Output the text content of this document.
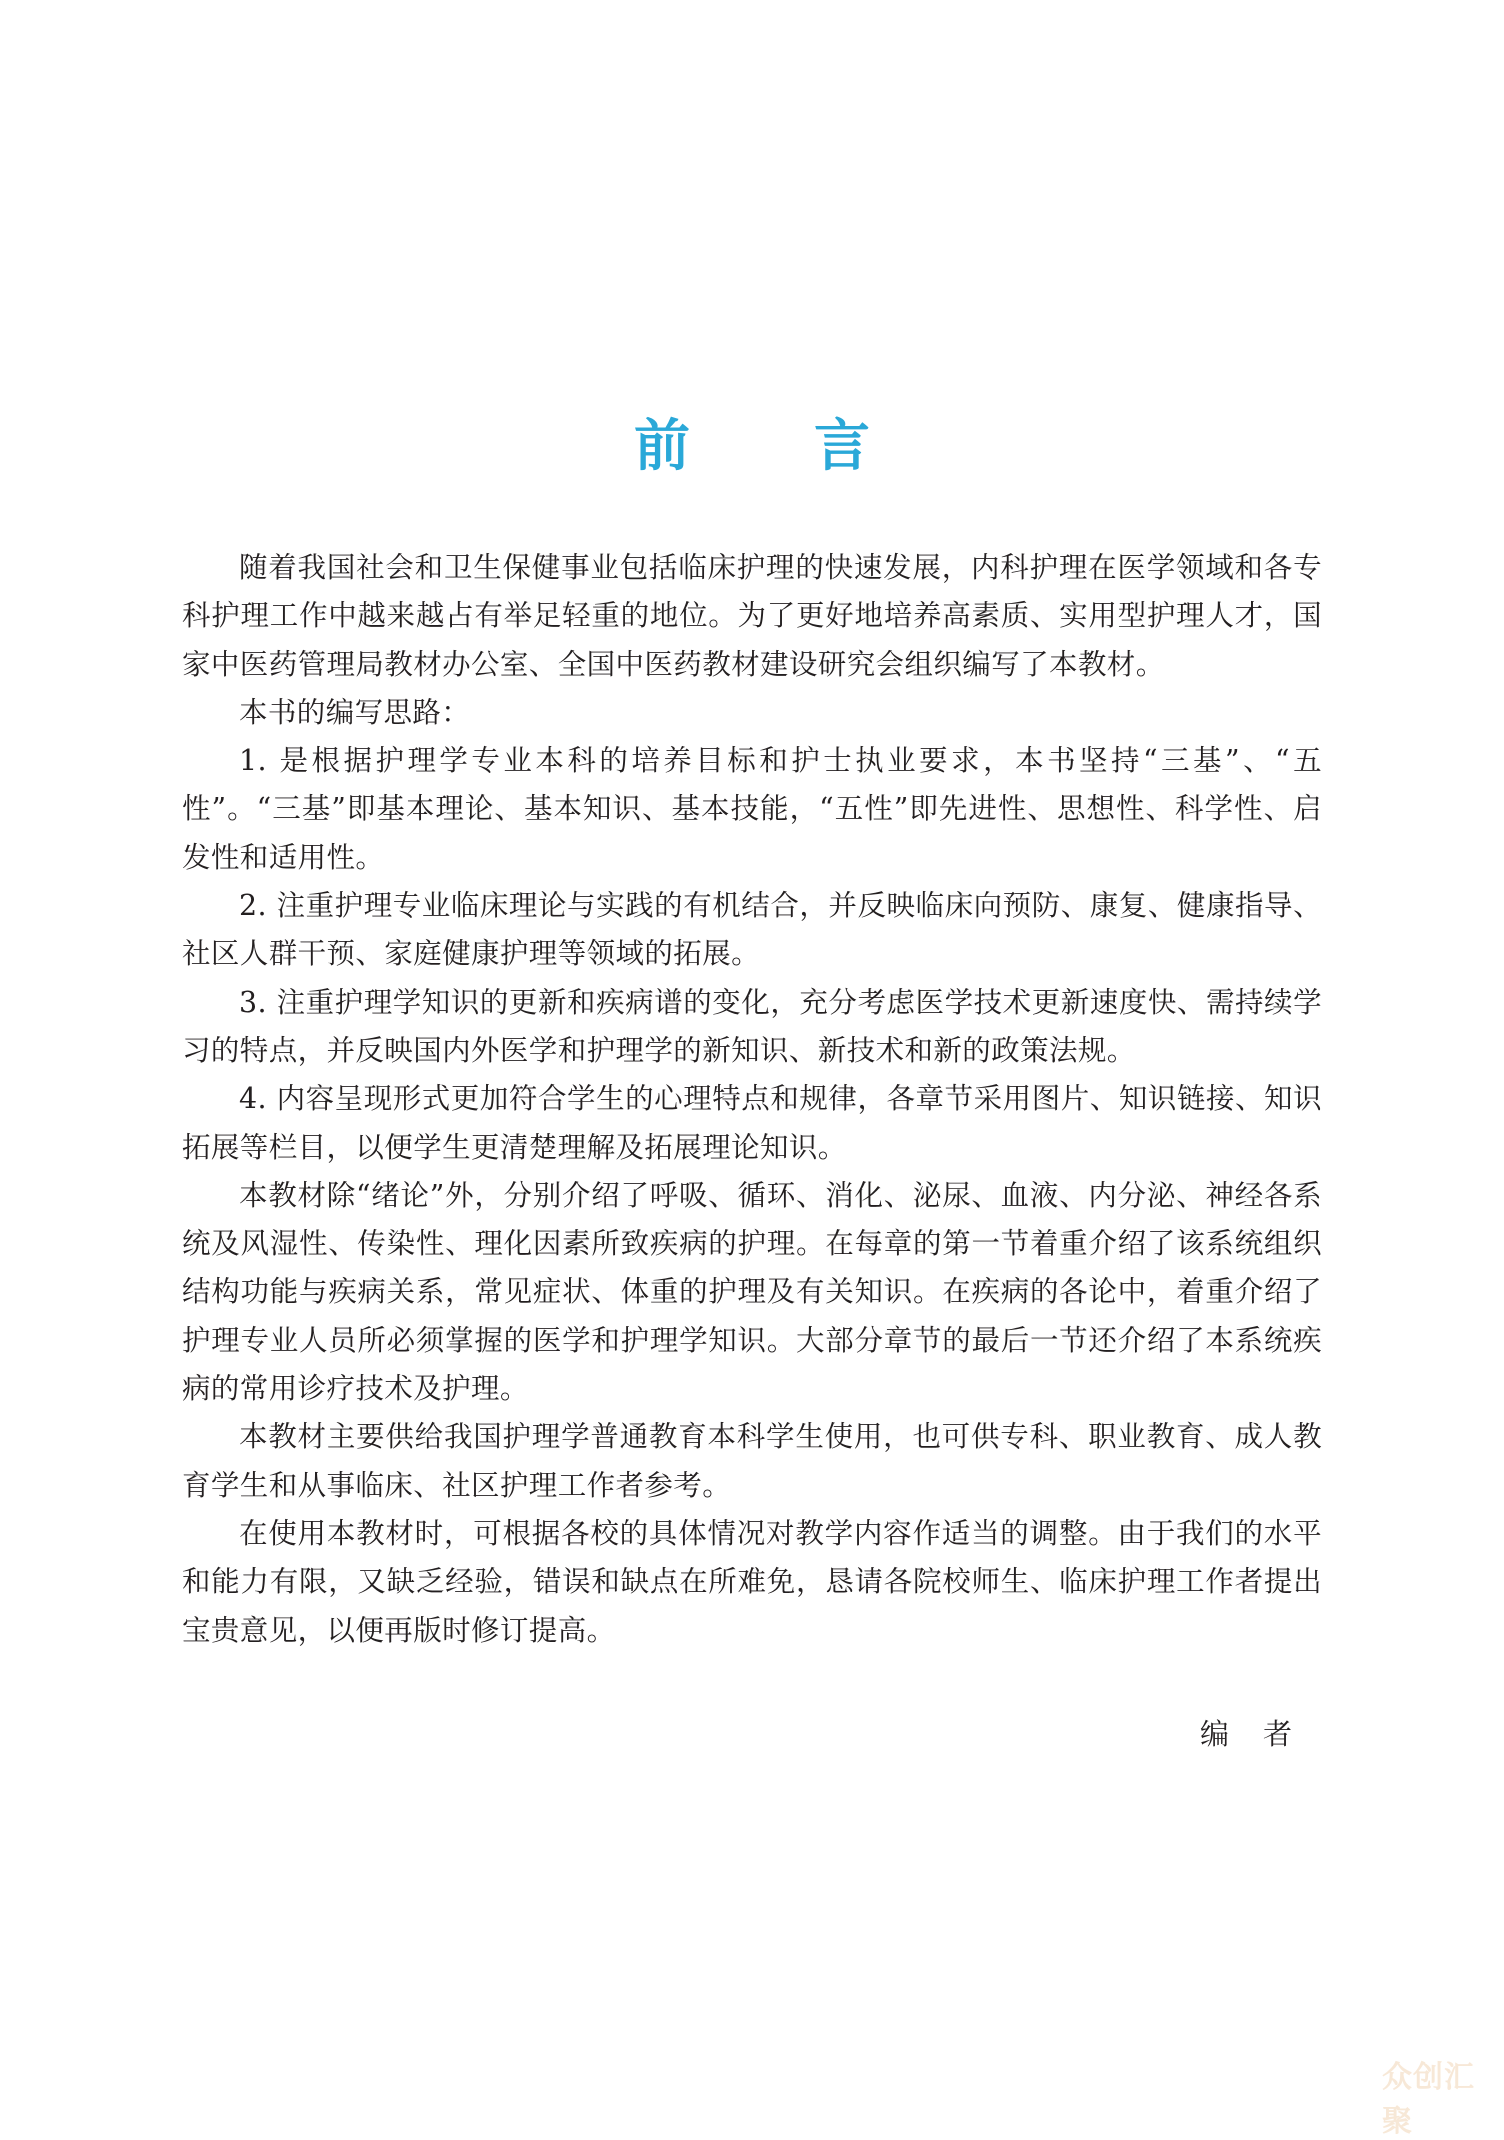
前 言

随着我国社会和卫生保健事业包括临床护理的快速发展，内科护理在医学领域和各专科护理工作中越来越占有举足轻重的地位。为了更好地培养高素质、实用型护理人才，国家中医药管理局教材办公室、全国中医药教材建设研究会组织编写了本教材。

本书的编写思路：

1. 是根据护理学专业本科的培养目标和护士执业要求，本书坚持“三基”、“五性”。“三基”即基本理论、基本知识、基本技能，“五性”即先进性、思想性、科学性、启发性和适用性。

2. 注重护理专业临床理论与实践的有机结合，并反映临床向预防、康复、健康指导、社区人群干预、家庭健康护理等领域的拓展。

3. 注重护理学知识的更新和疾病谱的变化，充分考虑医学技术更新速度快、需持续学习的特点，并反映国内外医学和护理学的新知识、新技术和新的政策法规。

4. 内容呈现形式更加符合学生的心理特点和规律，各章节采用图片、知识链接、知识拓展等栏目，以便学生更清楚理解及拓展理论知识。

本教材除“绪论”外，分别介绍了呼吸、循环、消化、泌尿、血液、内分泌、神经各系统及风湿性、传染性、理化因素所致疾病的护理。在每章的第一节着重介绍了该系统组织结构功能与疾病关系，常见症状、体重的护理及有关知识。在疾病的各论中，着重介绍了护理专业人员所必须掌握的医学和护理学知识。大部分章节的最后一节还介绍了本系统疾病的常用诊疗技术及护理。

本教材主要供给我国护理学普通教育本科学生使用，也可供专科、职业教育、成人教育学生和从事临床、社区护理工作者参考。

在使用本教材时，可根据各校的具体情况对教学内容作适当的调整。由于我们的水平和能力有限，又缺乏经验，错误和缺点在所难免，恳请各院校师生、临床护理工作者提出宝贵意见，以便再版时修订提高。

编 者
众创汇聚
